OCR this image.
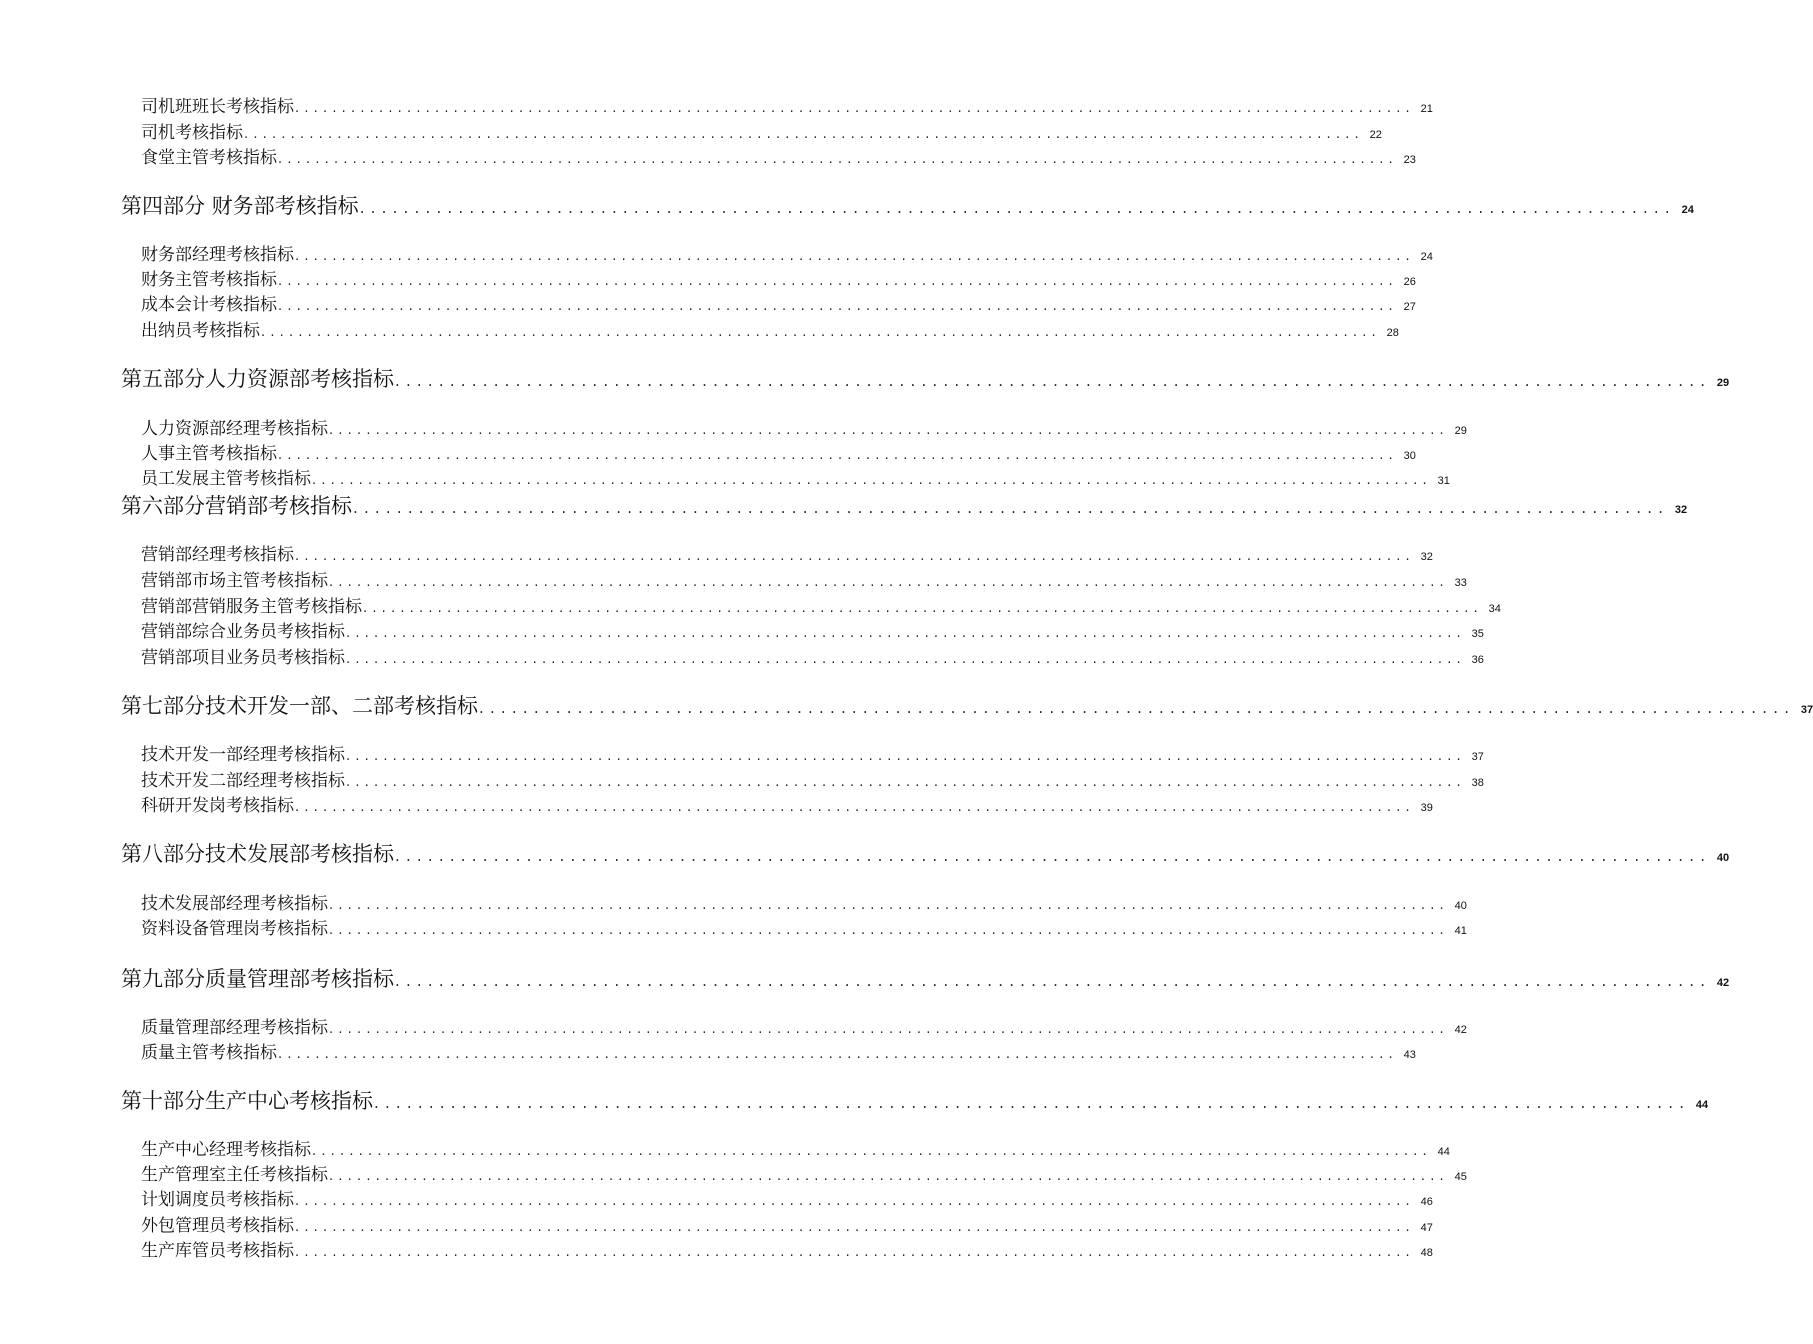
司机班班长考核指标 ........................................................................................................................ 21
司机考核指标 ........................................................................................................................ 22
食堂主管考核指标 ........................................................................................................................ 23
第四部分 财务部考核指标 ........................................................................................................................ 24
财务部经理考核指标 ........................................................................................................................ 24
财务主管考核指标 ........................................................................................................................ 26
成本会计考核指标 ........................................................................................................................ 27
出纳员考核指标 ........................................................................................................................ 28
第五部分人力资源部考核指标 ........................................................................................................................ 29
人力资源部经理考核指标 ........................................................................................................................ 29
人事主管考核指标 ........................................................................................................................ 30
员工发展主管考核指标 ........................................................................................................................ 31
第六部分营销部考核指标 ........................................................................................................................ 32
营销部经理考核指标 ........................................................................................................................ 32
营销部市场主管考核指标 ........................................................................................................................ 33
营销部营销服务主管考核指标 ........................................................................................................................ 34
营销部综合业务员考核指标 ........................................................................................................................ 35
营销部项目业务员考核指标 ........................................................................................................................ 36
第七部分技术开发一部、二部考核指标 ........................................................................................................................ 37
技术开发一部经理考核指标 ........................................................................................................................ 37
技术开发二部经理考核指标 ........................................................................................................................ 38
科研开发岗考核指标 ........................................................................................................................ 39
第八部分技术发展部考核指标 ........................................................................................................................ 40
技术发展部经理考核指标 ........................................................................................................................ 40
资料设备管理岗考核指标 ........................................................................................................................ 41
第九部分质量管理部考核指标 ........................................................................................................................ 42
质量管理部经理考核指标 ........................................................................................................................ 42
质量主管考核指标 ........................................................................................................................ 43
第十部分生产中心考核指标 ........................................................................................................................ 44
生产中心经理考核指标 ........................................................................................................................ 44
生产管理室主任考核指标 ........................................................................................................................ 45
计划调度员考核指标 ........................................................................................................................ 46
外包管理员考核指标 ........................................................................................................................ 47
生产库管员考核指标 ........................................................................................................................ 48
